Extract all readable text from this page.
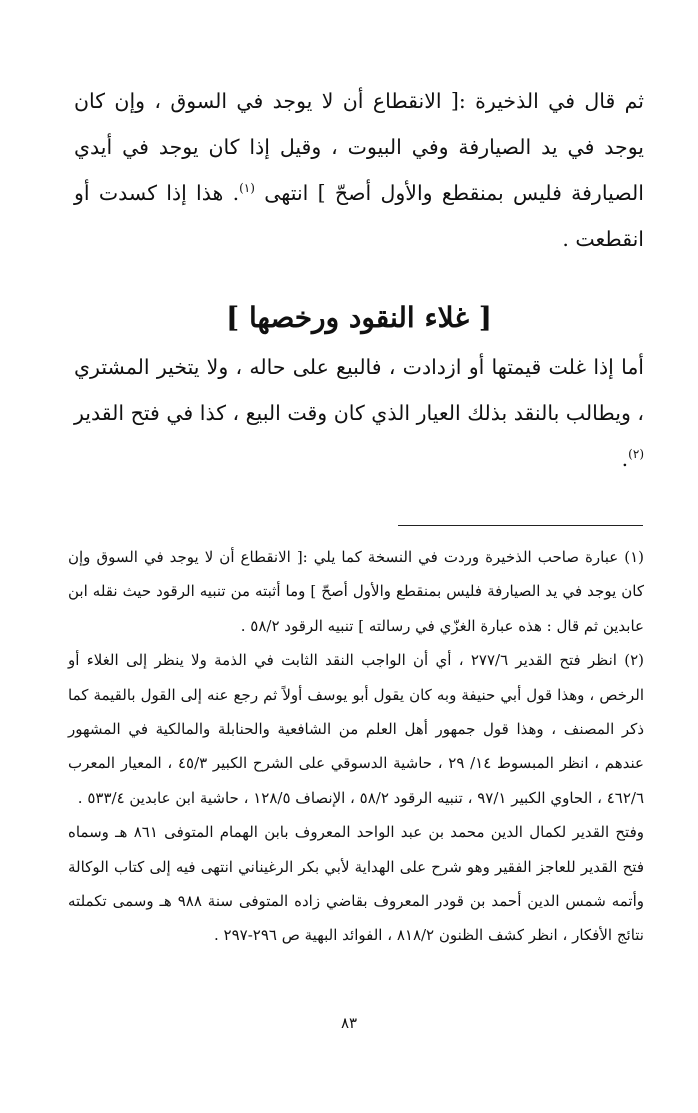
ثم قال في الذخيرة :[ الانقطاع أن لا يوجد في السوق ، وإن كان يوجد في يد الصيارفة وفي البيوت ، وقيل إذا كان يوجد في أيدي الصيارفة فليس بمنقطع والأول أصحّ ] انتهى $^{(١)}$. هذا إذا كسدت أو انقطعت .

[ غلاء النقود ورخصها ]

أما إذا غلت قيمتها أو ازدادت ، فالبيع على حاله ، ولا يتخير المشتري ، ويطالب بالنقد بذلك العيار الذي كان وقت البيع ، كذا في فتح القدير $^{(٢)}$.

(١) عبارة صاحب الذخيرة وردت في النسخة كما يلي :[ الانقطاع أن لا يوجد في السوق وإن كان يوجد في يد الصيارفة فليس بمنقطع والأول أصحّ ] وما أثبته من تنبيه الرقود حيث نقله ابن عابدين ثم قال : هذه عبارة الغزّي في رسالته ] تنبيه الرقود ٥٨/٢ .

(٢) انظر فتح القدير ٢٧٧/٦ ، أي أن الواجب النقد الثابت في الذمة ولا ينظر إلى الغلاء أو الرخص ، وهذا قول أبي حنيفة وبه كان يقول أبو يوسف أولاً ثم رجع عنه إلى القول بالقيمة كما ذكر المصنف ، وهذا قول جمهور أهل العلم من الشافعية والحنابلة والمالكية في المشهور عندهم ، انظر المبسوط ١٤/ ٢٩ ، حاشية الدسوقي على الشرح الكبير ٤٥/٣ ، المعيار المعرب ٤٦٢/٦ ، الحاوي الكبير ٩٧/١ ، تنبيه الرقود ٥٨/٢ ، الإنصاف ١٢٨/٥ ، حاشية ابن عابدين ٥٣٣/٤ .

وفتح القدير لكمال الدين محمد بن عبد الواحد المعروف بابن الهمام المتوفى ٨٦١ هـ وسماه فتح القدير للعاجز الفقير وهو شرح على الهداية لأبي بكر الرغيناني انتهى فيه إلى كتاب الوكالة وأتمه شمس الدين أحمد بن قودر المعروف بقاضي زاده المتوفى سنة ٩٨٨ هـ وسمى تكملته نتائج الأفكار ، انظر كشف الظنون ٨١٨/٢ ، الفوائد البهية ص ٢٩٦-٢٩٧ .

٨٣
